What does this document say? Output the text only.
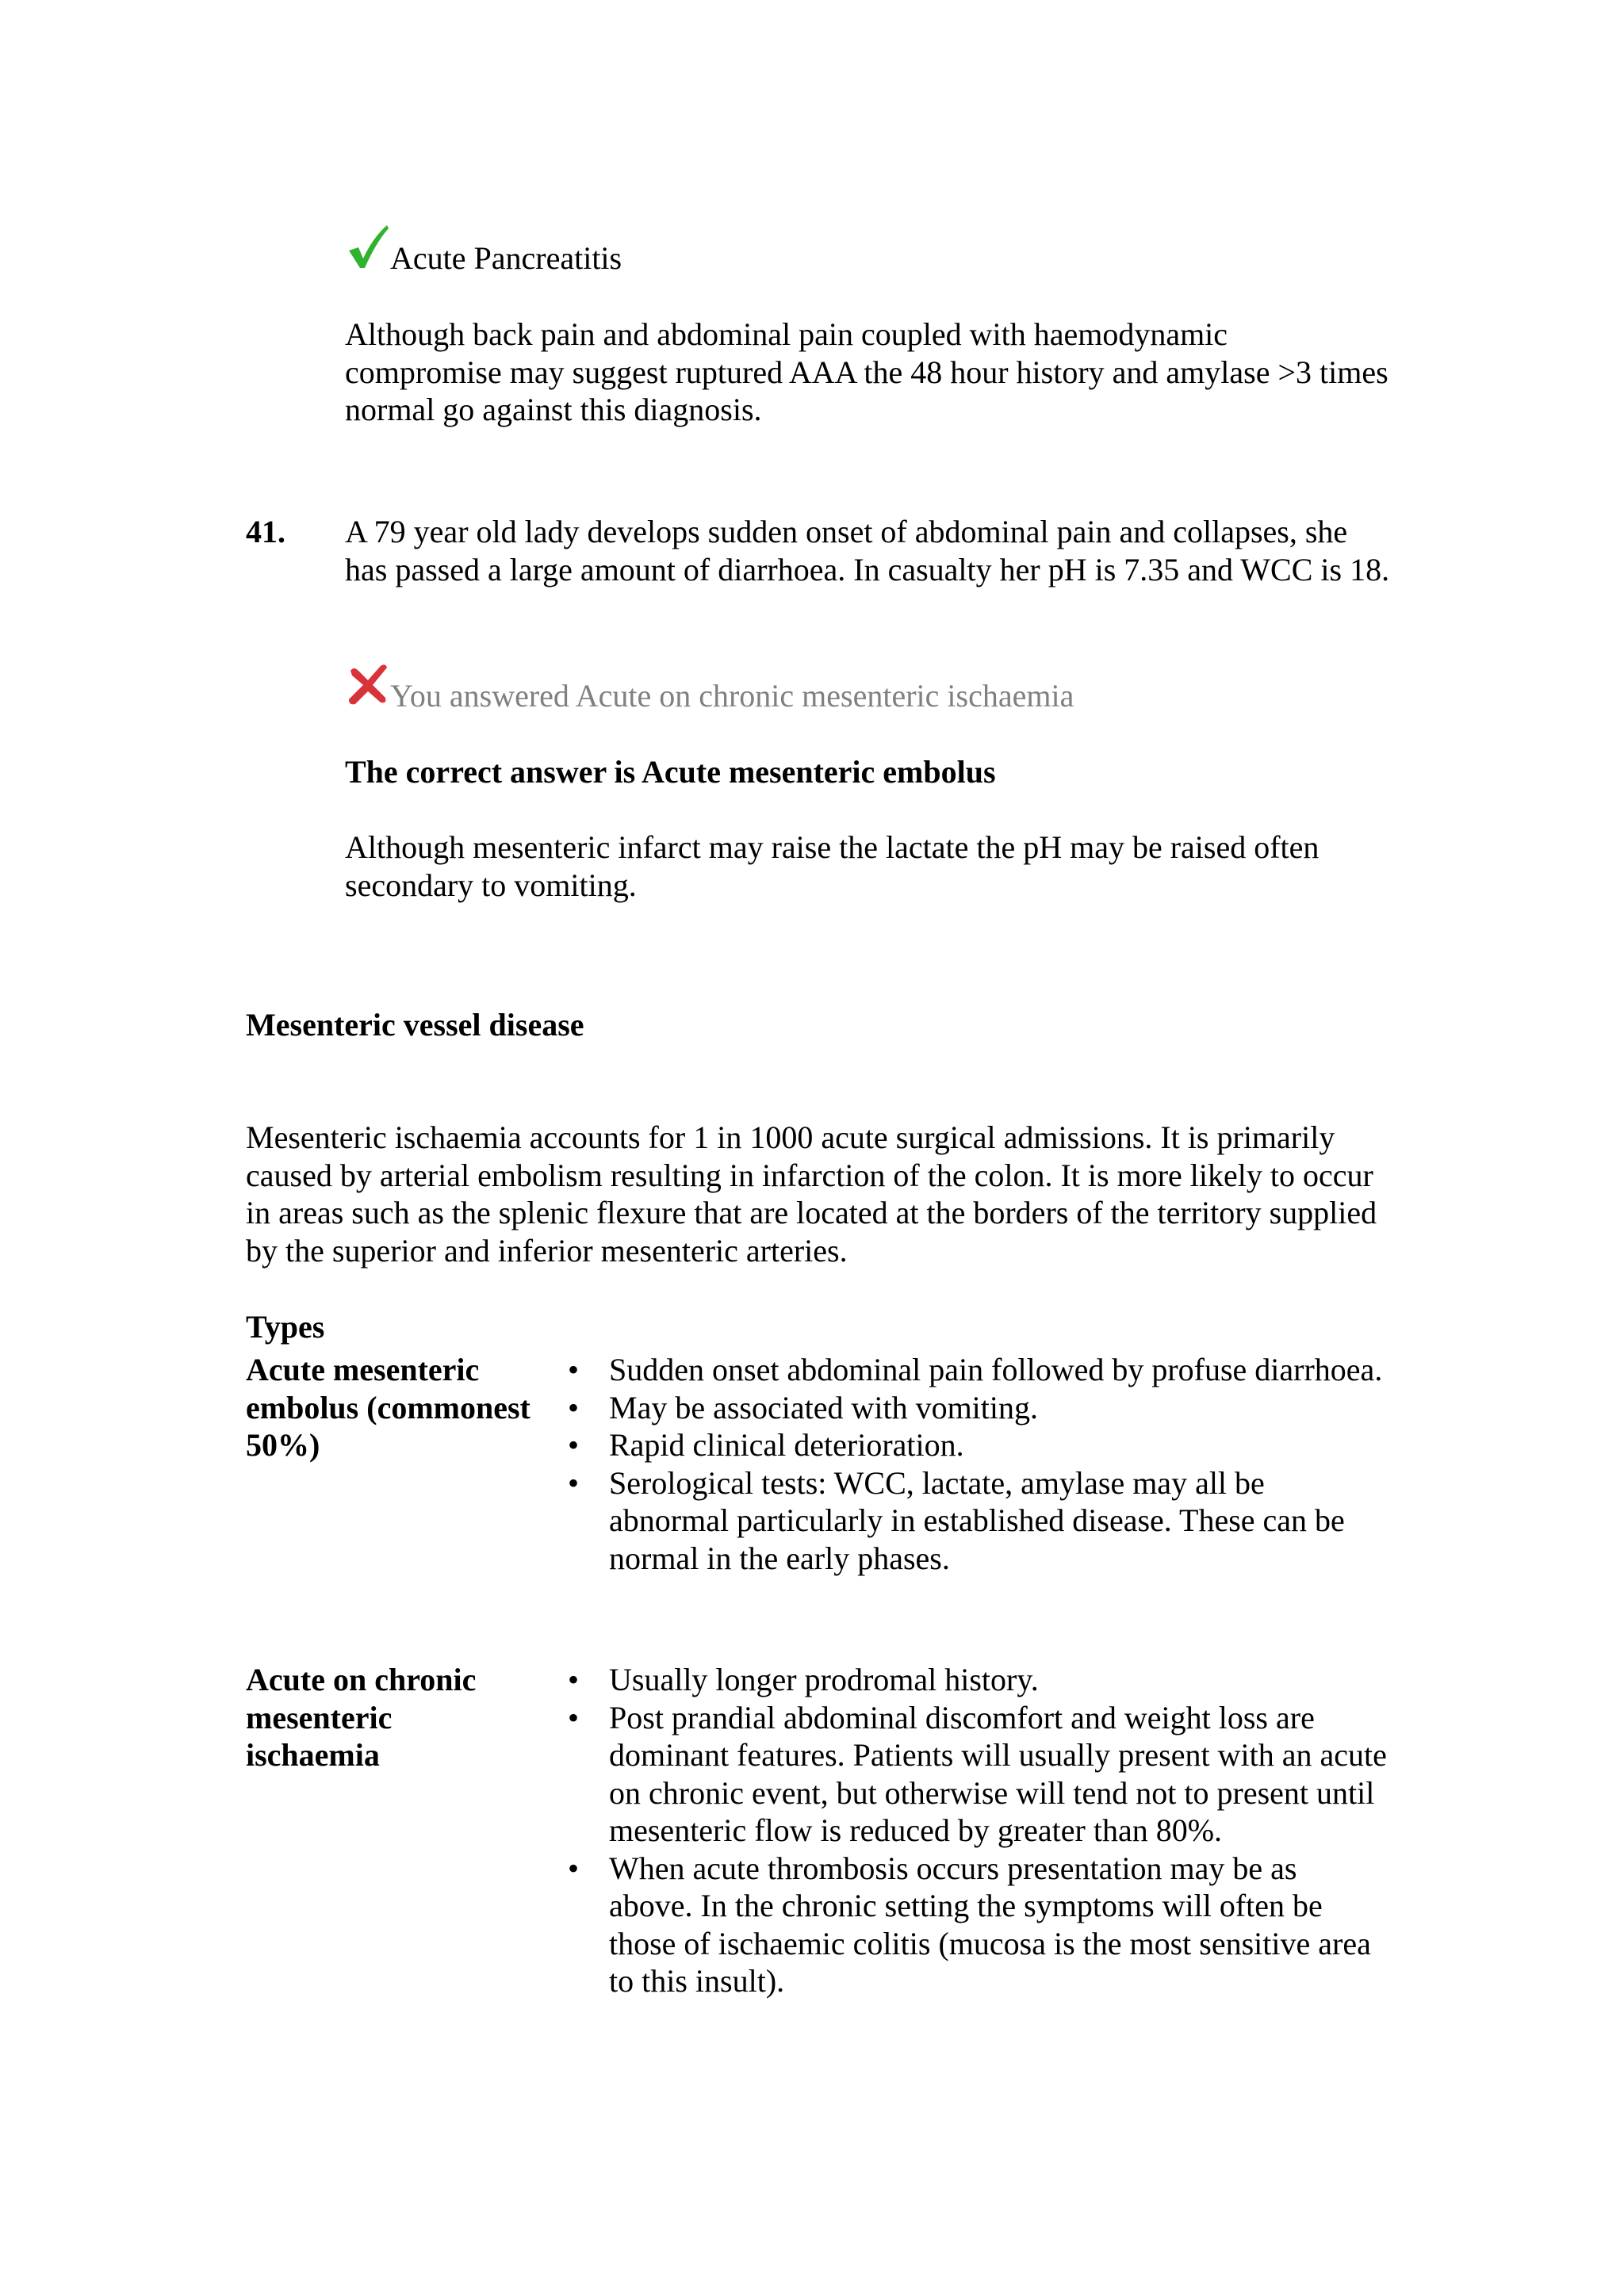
Acute Pancreatitis

Although back pain and abdominal pain coupled with haemodynamic compromise may suggest ruptured AAA the 48 hour history and amylase >3 times normal go against this diagnosis.

41. A 79 year old lady develops sudden onset of abdominal pain and collapses, she has passed a large amount of diarrhoea. In casualty her pH is 7.35 and WCC is 18.

You answered Acute on chronic mesenteric ischaemia

The correct answer is Acute mesenteric embolus

Although mesenteric infarct may raise the lactate the pH may be raised often secondary to vomiting.

Mesenteric vessel disease

Mesenteric ischaemia accounts for 1 in 1000 acute surgical admissions. It is primarily caused by arterial embolism resulting in infarction of the colon. It is more likely to occur in areas such as the splenic flexure that are located at the borders of the territory supplied by the superior and inferior mesenteric arteries.

Types

Acute mesenteric embolus (commonest 50%)
• Sudden onset abdominal pain followed by profuse diarrhoea.
• May be associated with vomiting.
• Rapid clinical deterioration.
• Serological tests: WCC, lactate, amylase may all be abnormal particularly in established disease. These can be normal in the early phases.
Acute on chronic mesenteric ischaemia
• Usually longer prodromal history.
• Post prandial abdominal discomfort and weight loss are dominant features. Patients will usually present with an acute on chronic event, but otherwise will tend not to present until mesenteric flow is reduced by greater than 80%.
• When acute thrombosis occurs presentation may be as above. In the chronic setting the symptoms will often be those of ischaemic colitis (mucosa is the most sensitive area to this insult).
